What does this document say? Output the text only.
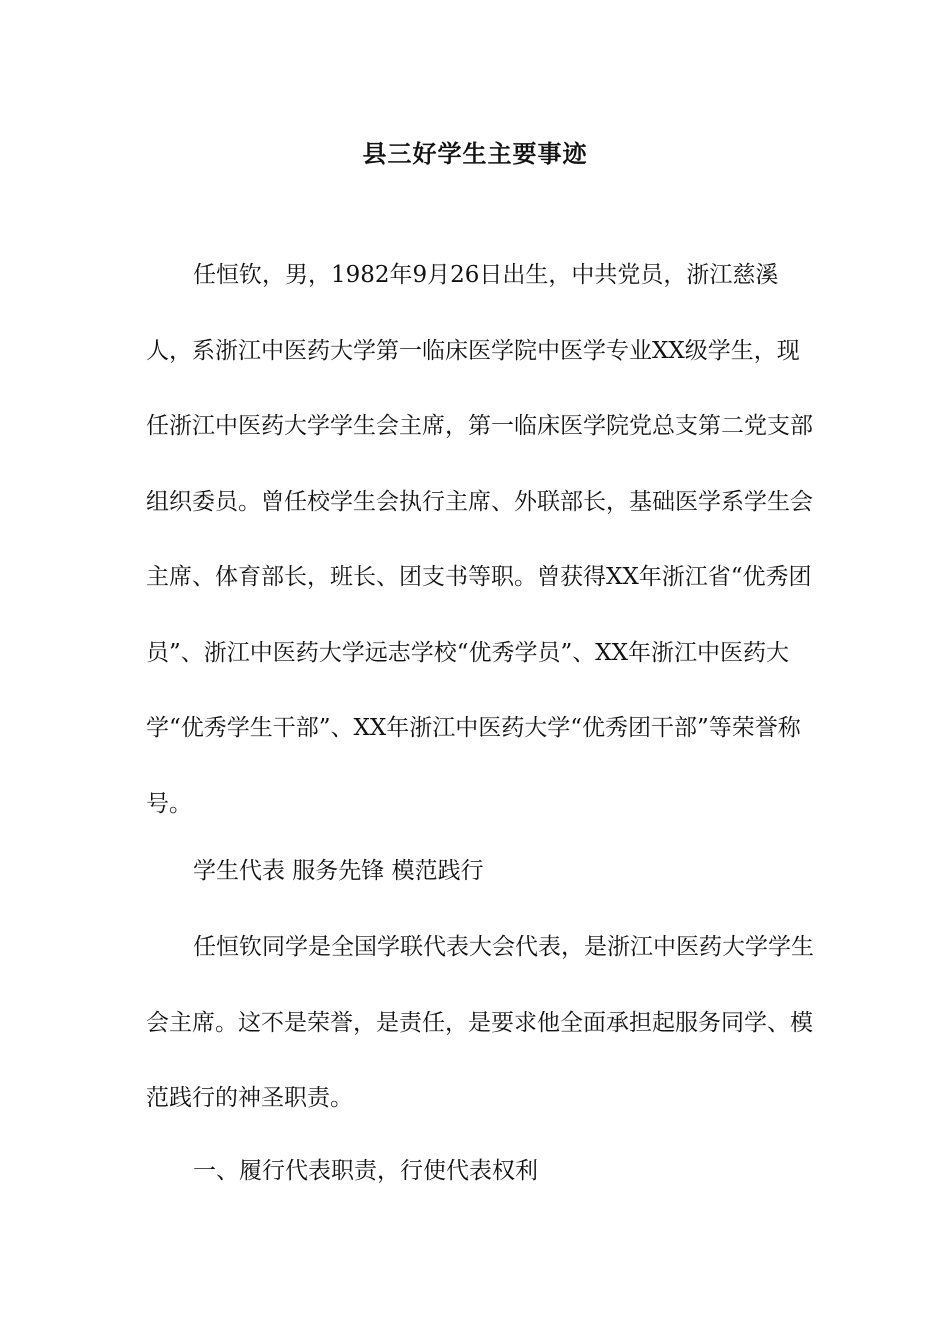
县三好学生主要事迹

任恒钦，男，1982年9月26日出生，中共党员，浙江慈溪人，系浙江中医药大学第一临床医学院中医学专业XX级学生，现任浙江中医药大学学生会主席，第一临床医学院党总支第二党支部组织委员。曾任校学生会执行主席、外联部长，基础医学系学生会主席、体育部长，班长、团支书等职。曾获得XX年浙江省“优秀团员”、浙江中医药大学远志学校“优秀学员”、XX年浙江中医药大学“优秀学生干部”、XX年浙江中医药大学“优秀团干部”等荣誉称号。

学生代表 服务先锋 模范践行

任恒钦同学是全国学联代表大会代表，是浙江中医药大学学生会主席。这不是荣誉，是责任，是要求他全面承担起服务同学、模范践行的神圣职责。

一、履行代表职责，行使代表权利
